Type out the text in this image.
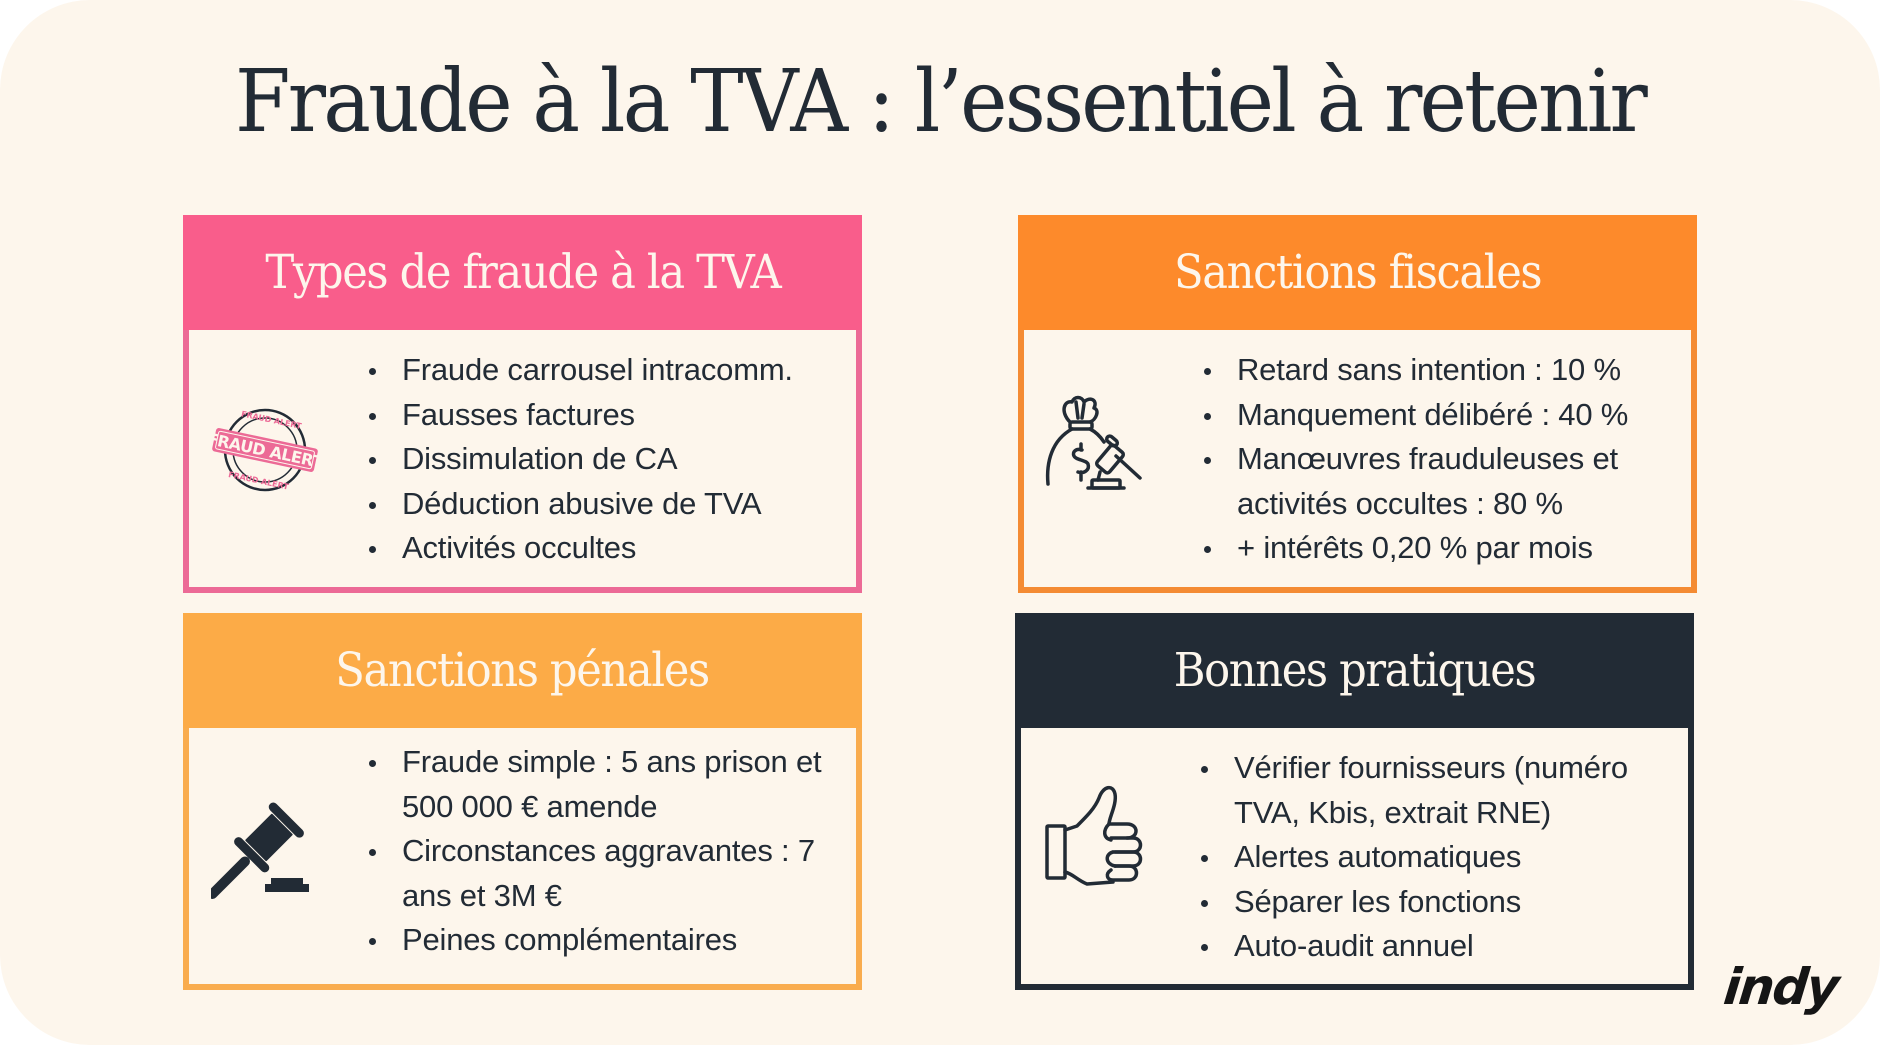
Fraude à la TVA : l’essentiel à retenir
Types de fraude à la TVA
FRAUD ALERT
FRAUD ALERT
FRAUD ALERT
Fraude carrousel intracomm.
Fausses factures
Dissimulation de CA
Déduction abusive de TVA
Activités occultes
Sanctions fiscales
Retard sans intention : 10 %
Manquement délibéré : 40 %
Manœuvres frauduleuses et activités occultes : 80 %
+ intérêts 0,20 % par mois
Sanctions pénales
Fraude simple : 5 ans prison et 500 000 € amende
Circonstances aggravantes : 7 ans et 3M €
Peines complémentaires
Bonnes pratiques
Vérifier fournisseurs (numéro TVA, Kbis, extrait RNE)
Alertes automatiques
Séparer les fonctions
Auto-audit annuel
indy
